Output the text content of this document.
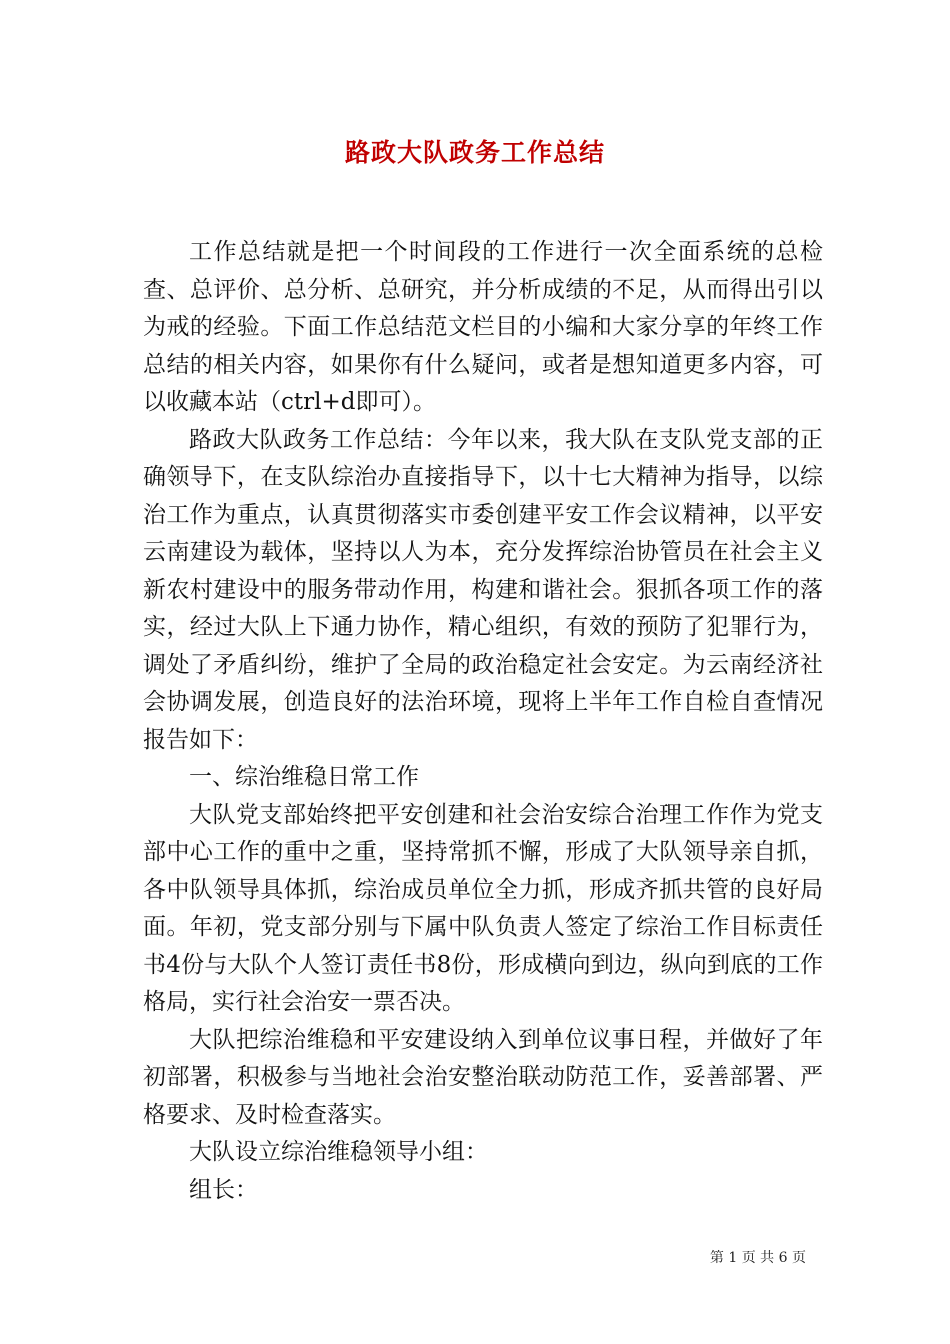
路政大队政务工作总结

工作总结就是把一个时间段的工作进行一次全面系统的总检查、总评价、总分析、总研究，并分析成绩的不足，从而得出引以为戒的经验。下面工作总结范文栏目的小编和大家分享的年终工作总结的相关内容，如果你有什么疑问，或者是想知道更多内容，可以收藏本站（ctrl+d即可）。

路政大队政务工作总结：今年以来，我大队在支队党支部的正确领导下，在支队综治办直接指导下，以十七大精神为指导，以综治工作为重点，认真贯彻落实市委创建平安工作会议精神，以平安云南建设为载体，坚持以人为本，充分发挥综治协管员在社会主义新农村建设中的服务带动作用，构建和谐社会。狠抓各项工作的落实，经过大队上下通力协作，精心组织，有效的预防了犯罪行为，调处了矛盾纠纷，维护了全局的政治稳定社会安定。为云南经济社会协调发展，创造良好的法治环境，现将上半年工作自检自查情况报告如下：

一、综治维稳日常工作

大队党支部始终把平安创建和社会治安综合治理工作作为党支部中心工作的重中之重，坚持常抓不懈，形成了大队领导亲自抓，各中队领导具体抓，综治成员单位全力抓，形成齐抓共管的良好局面。年初，党支部分别与下属中队负责人签定了综治工作目标责任书4份与大队个人签订责任书8份，形成横向到边，纵向到底的工作格局，实行社会治安一票否决。

大队把综治维稳和平安建设纳入到单位议事日程，并做好了年初部署，积极参与当地社会治安整治联动防范工作，妥善部署、严格要求、及时检查落实。

大队设立综治维稳领导小组：

组长：

第 1 页 共 6 页
